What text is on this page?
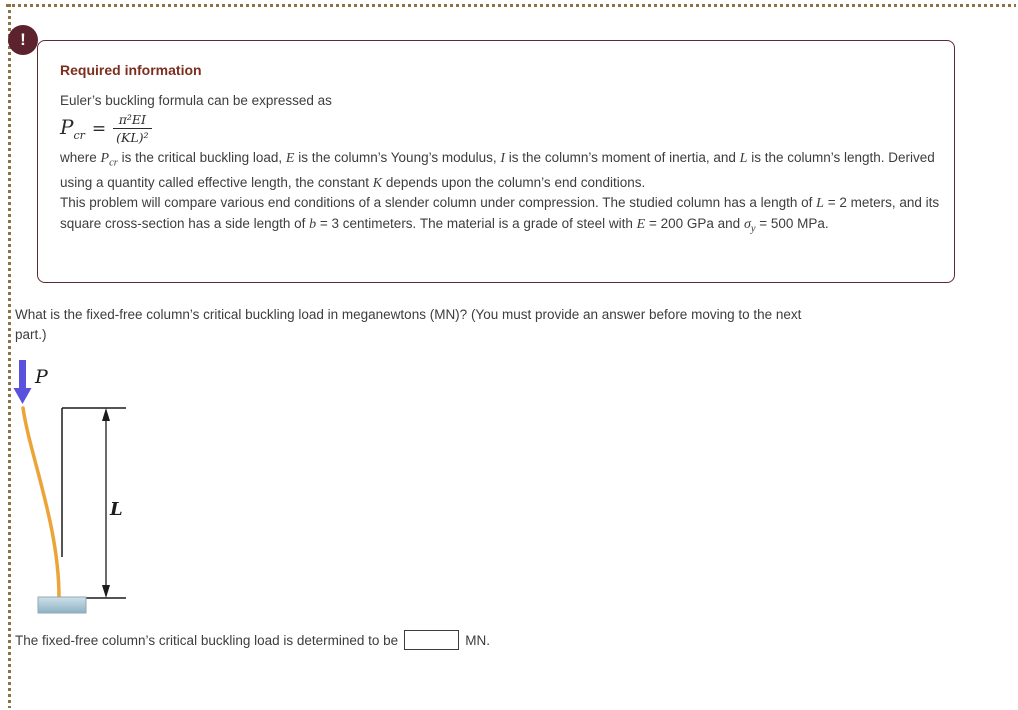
!
Required information
Euler’s buckling formula can be expressed as
$P_{cr} = \frac{\text{π²EI}}{\text{(KL)²}}$

where $P_{cr}$ is the critical buckling load, E is the column’s Young’s modulus, I is the column’s moment of inertia, and L is the column’s length. Derived using a quantity called effective length, the constant K depends upon the column’s end conditions.

This problem will compare various end conditions of a slender column under compression. The studied column has a length of L = 2 meters, and its square cross-section has a side length of b = 3 centimeters. The material is a grade of steel with E = 200 GPa and $\sigma_y = 500$ MPa.

What is the fixed-free column’s critical buckling load in meganewtons (MN)? (You must provide an answer before moving to the next
part.)
P
L
The fixed-free column’s critical buckling load is determined to be	MN.
